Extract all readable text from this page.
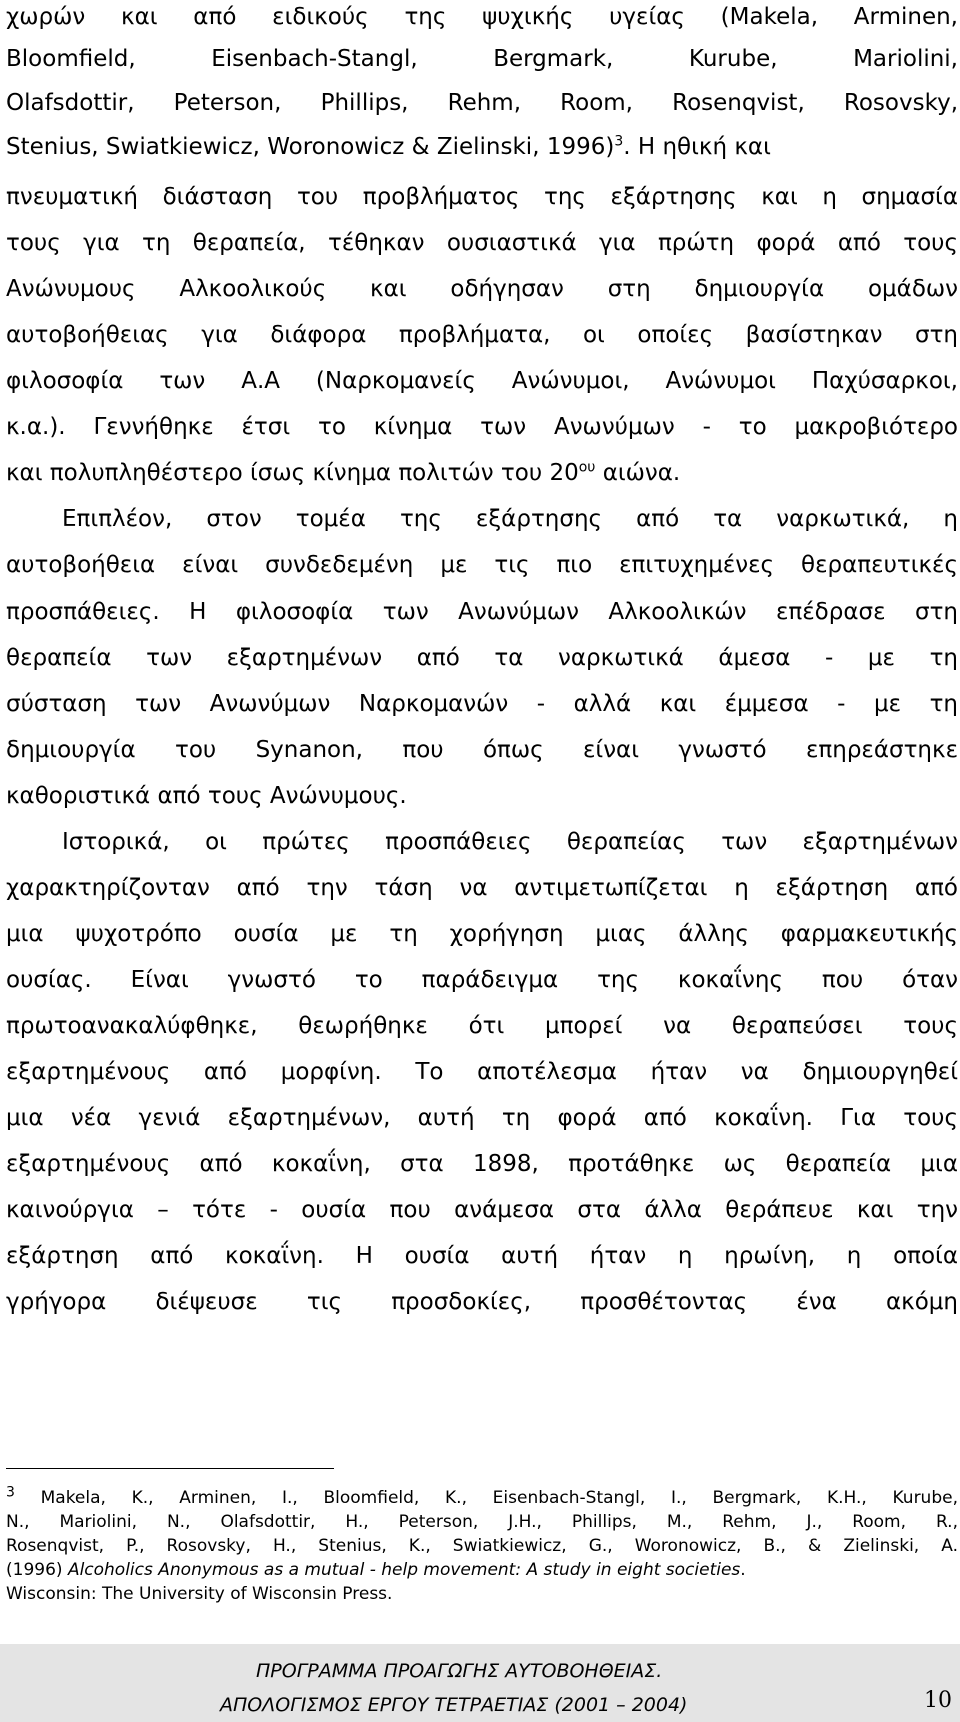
χωρών και από ειδικούς της ψυχικής υγείας (Makela, Arminen,
Bloomfield, Eisenbach-Stangl, Bergmark, Kurube, Mariolini,
Olafsdottir, Peterson, Phillips, Rehm, Room, Rosenqvist, Rosovsky,
Stenius, Swiatkiewicz, Woronowicz & Zielinski, 1996)$^3$. Η ηθική και
πνευματική διάσταση του προβλήματος της εξάρτησης και η σημασία
τους για τη θεραπεία, τέθηκαν ουσιαστικά για πρώτη φορά από τους
Ανώνυμους Αλκοολικούς και οδήγησαν στη δημιουργία ομάδων
αυτοβοήθειας για διάφορα προβλήματα, οι οποίες βασίστηκαν στη
φιλοσοφία των Α.Α (Ναρκομανείς Ανώνυμοι, Ανώνυμοι Παχύσαρκοι,
κ.α.). Γεννήθηκε έτσι το κίνημα των Ανωνύμων - το μακροβιότερο
και πολυπληθέστερο ίσως κίνημα πολιτών του $20^{o\upsilon}$ αιώνα.
Επιπλέον, στον τομέα της εξάρτησης από τα ναρκωτικά, η
αυτοβοήθεια είναι συνδεδεμένη με τις πιο επιτυχημένες θεραπευτικές
προσπάθειες. Η φιλοσοφία των Ανωνύμων Αλκοολικών επέδρασε στη
θεραπεία των εξαρτημένων από τα ναρκωτικά άμεσα - με τη
σύσταση των Ανωνύμων Ναρκομανών - αλλά και έμμεσα - με τη
δημιουργία του Synanon, που όπως είναι γνωστό επηρεάστηκε
καθοριστικά από τους Ανώνυμους.
Ιστορικά, οι πρώτες προσπάθειες θεραπείας των εξαρτημένων
χαρακτηρίζονταν από την τάση να αντιμετωπίζεται η εξάρτηση από
μια ψυχοτρόπο ουσία με τη χορήγηση μιας άλλης φαρμακευτικής
ουσίας. Είναι γνωστό το παράδειγμα της κοκαΐνης που όταν
πρωτοανακαλύφθηκε, θεωρήθηκε ότι μπορεί να θεραπεύσει τους
εξαρτημένους από μορφίνη. Το αποτέλεσμα ήταν να δημιουργηθεί
μια νέα γενιά εξαρτημένων, αυτή τη φορά από κοκαΐνη. Για τους
εξαρτημένους από κοκαΐνη, στα 1898, προτάθηκε ως θεραπεία μια
καινούργια – τότε - ουσία που ανάμεσα στα άλλα θεράπευε και την
εξάρτηση από κοκαΐνη. Η ουσία αυτή ήταν η ηρωίνη, η οποία
γρήγορα διέψευσε τις προσδοκίες, προσθέτοντας ένα ακόμη
$^3$ Makela, K., Arminen, I., Bloomfield, K., Eisenbach-Stangl, I., Bergmark, K.H., Kurube,
N., Mariolini, N., Olafsdottir, H., Peterson, J.H., Phillips, M., Rehm, J., Room, R.,
Rosenqvist, P., Rosovsky, H., Stenius, K., Swiatkiewicz, G., Woronowicz, B., & Zielinski, A.
(1996) Alcoholics Anonymous as a mutual - help movement: A study in eight societies.
Wisconsin: The University of Wisconsin Press.
ΠΡΟΓΡΑΜΜΑ ΠΡΟΑΓΩΓΗΣ ΑΥΤΟΒΟΗΘΕΙΑΣ.
ΑΠΟΛΟΓΙΣΜΟΣ ΕΡΓΟΥ ΤΕΤΡΑΕΤΙΑΣ (2001 – 2004)	10
